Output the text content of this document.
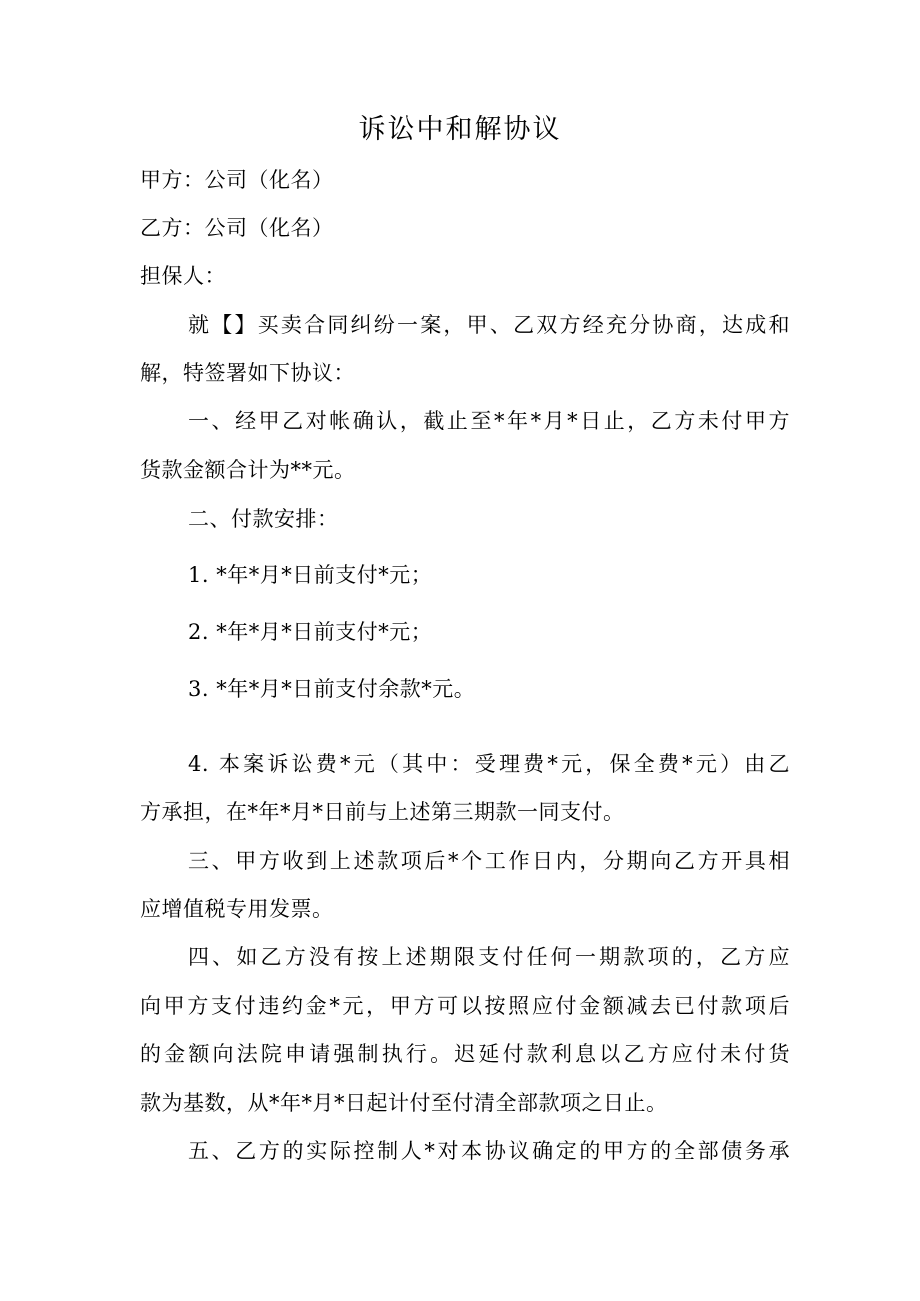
诉讼中和解协议
甲方：公司（化名）
乙方：公司（化名）
担保人：
就【】买卖合同纠纷一案，甲、乙双方经充分协商，达成和
解，特签署如下协议：
一、经甲乙对帐确认，截止至*年*月*日止，乙方未付甲方
货款金额合计为**元。
二、付款安排：
1. *年*月*日前支付*元；
2. *年*月*日前支付*元；
3. *年*月*日前支付余款*元。
4. 本案诉讼费*元（其中：受理费*元，保全费*元）由乙
方承担，在*年*月*日前与上述第三期款一同支付。
三、甲方收到上述款项后*个工作日内，分期向乙方开具相
应增值税专用发票。
四、如乙方没有按上述期限支付任何一期款项的，乙方应
向甲方支付违约金*元，甲方可以按照应付金额减去已付款项后
的金额向法院申请强制执行。迟延付款利息以乙方应付未付货
款为基数，从*年*月*日起计付至付清全部款项之日止。
五、乙方的实际控制人*对本协议确定的甲方的全部债务承
